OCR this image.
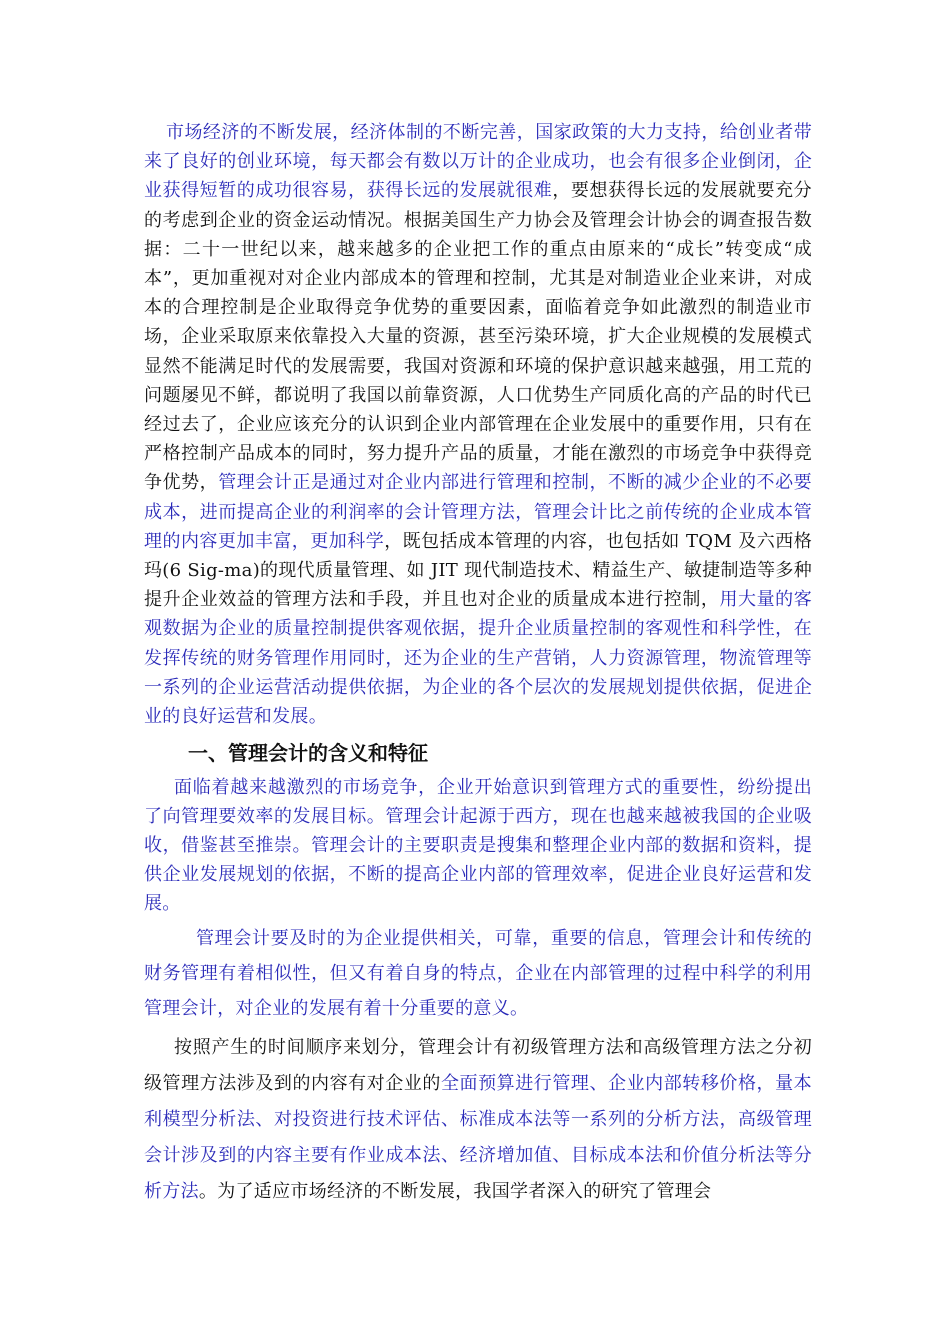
市场经济的不断发展，经济体制的不断完善，国家政策的大力支持，给创业者带来了良好的创业环境，每天都会有数以万计的企业成功，也会有很多企业倒闭，企业获得短暂的成功很容易，获得长远的发展就很难，要想获得长远的发展就要充分的考虑到企业的资金运动情况。根据美国生产力协会及管理会计协会的调查报告数据：二十一世纪以来，越来越多的企业把工作的重点由原来的“成长”转变成“成本”，更加重视对对企业内部成本的管理和控制，尤其是对制造业企业来讲，对成本的合理控制是企业取得竞争优势的重要因素，面临着竞争如此激烈的制造业市场，企业采取原来依靠投入大量的资源，甚至污染环境，扩大企业规模的发展模式显然不能满足时代的发展需要，我国对资源和环境的保护意识越来越强，用工荒的问题屡见不鲜，都说明了我国以前靠资源，人口优势生产同质化高的产品的时代已经过去了，企业应该充分的认识到企业内部管理在企业发展中的重要作用，只有在严格控制产品成本的同时，努力提升产品的质量，才能在激烈的市场竞争中获得竞争优势，管理会计正是通过对企业内部进行管理和控制，不断的减少企业的不必要成本，进而提高企业的利润率的会计管理方法，管理会计比之前传统的企业成本管理的内容更加丰富，更加科学，既包括成本管理的内容，也包括如 TQM 及六西格玛(6 Sig-ma)的现代质量管理、如 JIT 现代制造技术、精益生产、敏捷制造等多种提升企业效益的管理方法和手段，并且也对企业的质量成本进行控制，用大量的客观数据为企业的质量控制提供客观依据，提升企业质量控制的客观性和科学性，在发挥传统的财务管理作用同时，还为企业的生产营销，人力资源管理，物流管理等一系列的企业运营活动提供依据，为企业的各个层次的发展规划提供依据，促进企业的良好运营和发展。

一、管理会计的含义和特征

面临着越来越激烈的市场竞争，企业开始意识到管理方式的重要性，纷纷提出了向管理要效率的发展目标。管理会计起源于西方，现在也越来越被我国的企业吸收，借鉴甚至推崇。管理会计的主要职责是搜集和整理企业内部的数据和资料，提供企业发展规划的依据，不断的提高企业内部的管理效率，促进企业良好运营和发展。

管理会计要及时的为企业提供相关，可靠，重要的信息，管理会计和传统的财务管理有着相似性，但又有着自身的特点，企业在内部管理的过程中科学的利用管理会计，对企业的发展有着十分重要的意义。

按照产生的时间顺序来划分，管理会计有初级管理方法和高级管理方法之分初级管理方法涉及到的内容有对企业的全面预算进行管理、企业内部转移价格，量本利模型分析法、对投资进行技术评估、标准成本法等一系列的分析方法，高级管理会计涉及到的内容主要有作业成本法、经济增加值、目标成本法和价值分析法等分析方法。为了适应市场经济的不断发展，我国学者深入的研究了管理会
